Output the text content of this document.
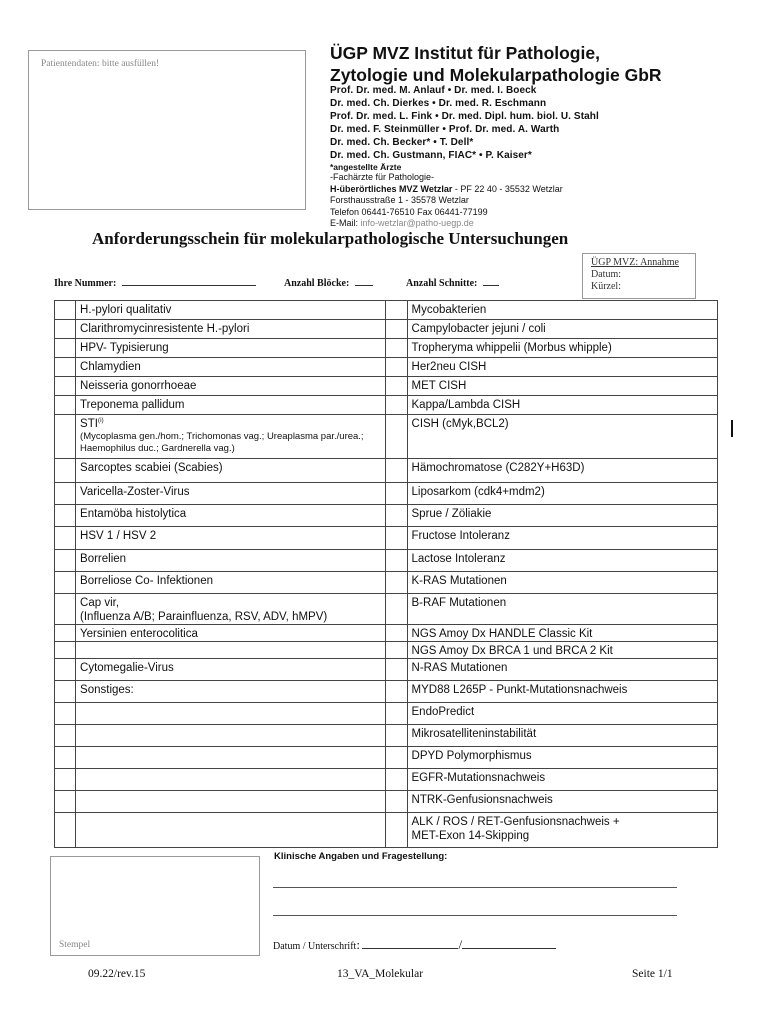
Patientendaten: bitte ausfüllen!
ÜGP MVZ Institut für Pathologie,
Zytologie und Molekularpathologie GbR
Prof. Dr. med. M. Anlauf • Dr. med. I. Boeck
Dr. med. Ch. Dierkes • Dr. med. R. Eschmann
Prof. Dr. med. L. Fink • Dr. med. Dipl. hum. biol. U. Stahl
Dr. med. F. Steinmüller • Prof. Dr. med. A. Warth
Dr. med. Ch. Becker* • T. Dell*
Dr. med. Ch. Gustmann, FIAC* • P. Kaiser*
*angestellte Ärzte
-Fachärzte für Pathologie-
H-überörtliches MVZ Wetzlar - PF 22 40 - 35532 Wetzlar
Forsthausstraße 1 - 35578 Wetzlar
Telefon 06441-76510 Fax 06441-77199
E-Mail: info-wetzlar@patho-uegp.de
Anforderungsschein für molekularpathologische Untersuchungen
ÜGP MVZ: Annahme
Datum:
Kürzel:
Ihre Nummer:	Anzahl Blöcke:	Anzahl Schnitte:
	H.-pylori qualitativ		Mycobakterien
	Clarithromycinresistente H.-pylori		Campylobacter jejuni / coli
	HPV- Typisierung		Tropheryma whippelii (Morbus whipple)
	Chlamydien		Her2neu CISH
	Neisseria gonorrhoeae		MET CISH
	Treponema pallidum		Kappa/Lambda CISH
	STI$^{(i)}$
(Mycoplasma gen./hom.; Trichomonas vag.; Ureaplasma par./urea.; Haemophilus duc.; Gardnerella vag.)		CISH (cMyk,BCL2)
	Sarcoptes scabiei (Scabies)		Hämochromatose (C282Y+H63D)
	Varicella-Zoster-Virus		Liposarkom (cdk4+mdm2)
	Entamöba histolytica		Sprue / Zöliakie
	HSV 1 / HSV 2		Fructose Intoleranz
	Borrelien		Lactose Intoleranz
	Borreliose Co- Infektionen		K-RAS Mutationen

	Cap vir,
(Influenza A/B; Parainfluenza, RSV, ADV, hMPV)		B-RAF Mutationen
	Yersinien enterocolitica		NGS Amoy Dx HANDLE Classic Kit
			NGS Amoy Dx BRCA 1 und BRCA 2 Kit
	Cytomegalie-Virus		N-RAS Mutationen
	Sonstiges:		MYD88 L265P - Punkt-Mutationsnachweis
			EndoPredict
			Mikrosatelliteninstabilität
			DPYD Polymorphismus
			EGFR-Mutationsnachweis
			NTRK-Genfusionsnachweis

			ALK / ROS / RET-Genfusionsnachweis +
MET-Exon 14-Skipping
Stempel
Klinische Angaben und Fragestellung:
Datum / Unterschrift:	/
09.22/rev.15	13_VA_Molekular	Seite 1/1
